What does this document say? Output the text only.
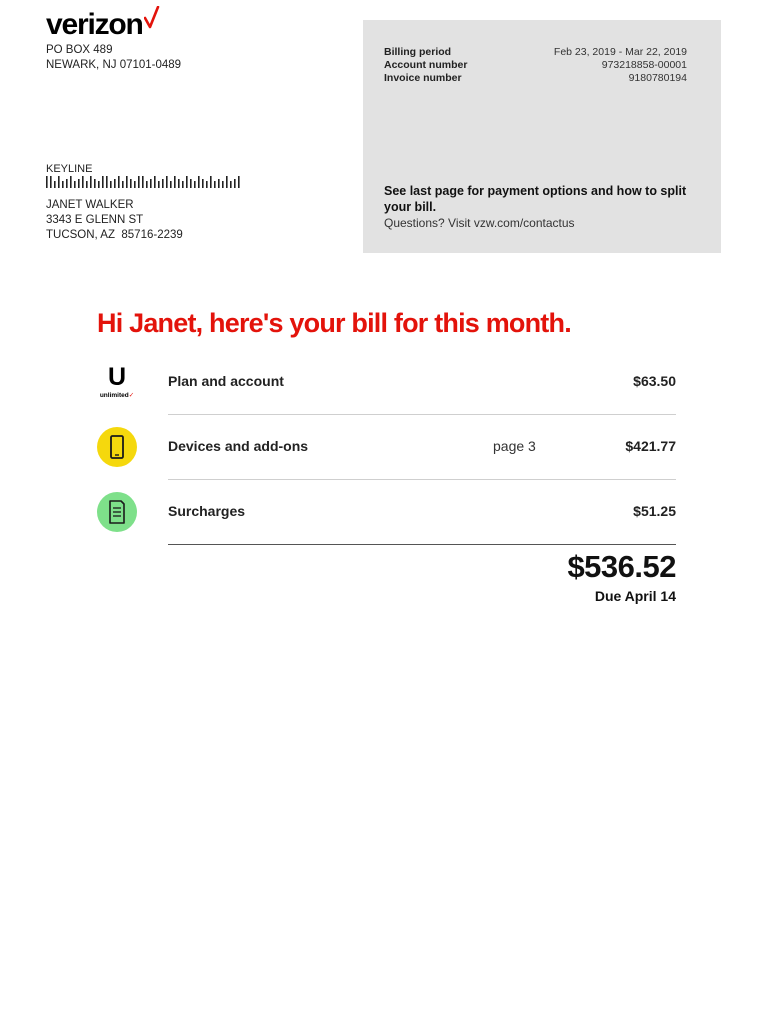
verizon
PO BOX 489
NEWARK, NJ 07101-0489
KEYLINE
JANET WALKER
3343 E GLENN ST
TUCSON, AZ  85716-2239
Billing period	Feb 23, 2019 - Mar 22, 2019
Account number	973218858-00001
Invoice number	9180780194
See last page for payment options and how to split your bill.
Questions? Visit vzw.com/contactus
Hi Janet, here's your bill for this month.
U
unlimited✓
Plan and account	$63.50
Devices and add-ons	page 3	$421.77
Surcharges	$51.25
$536.52
Due April 14
